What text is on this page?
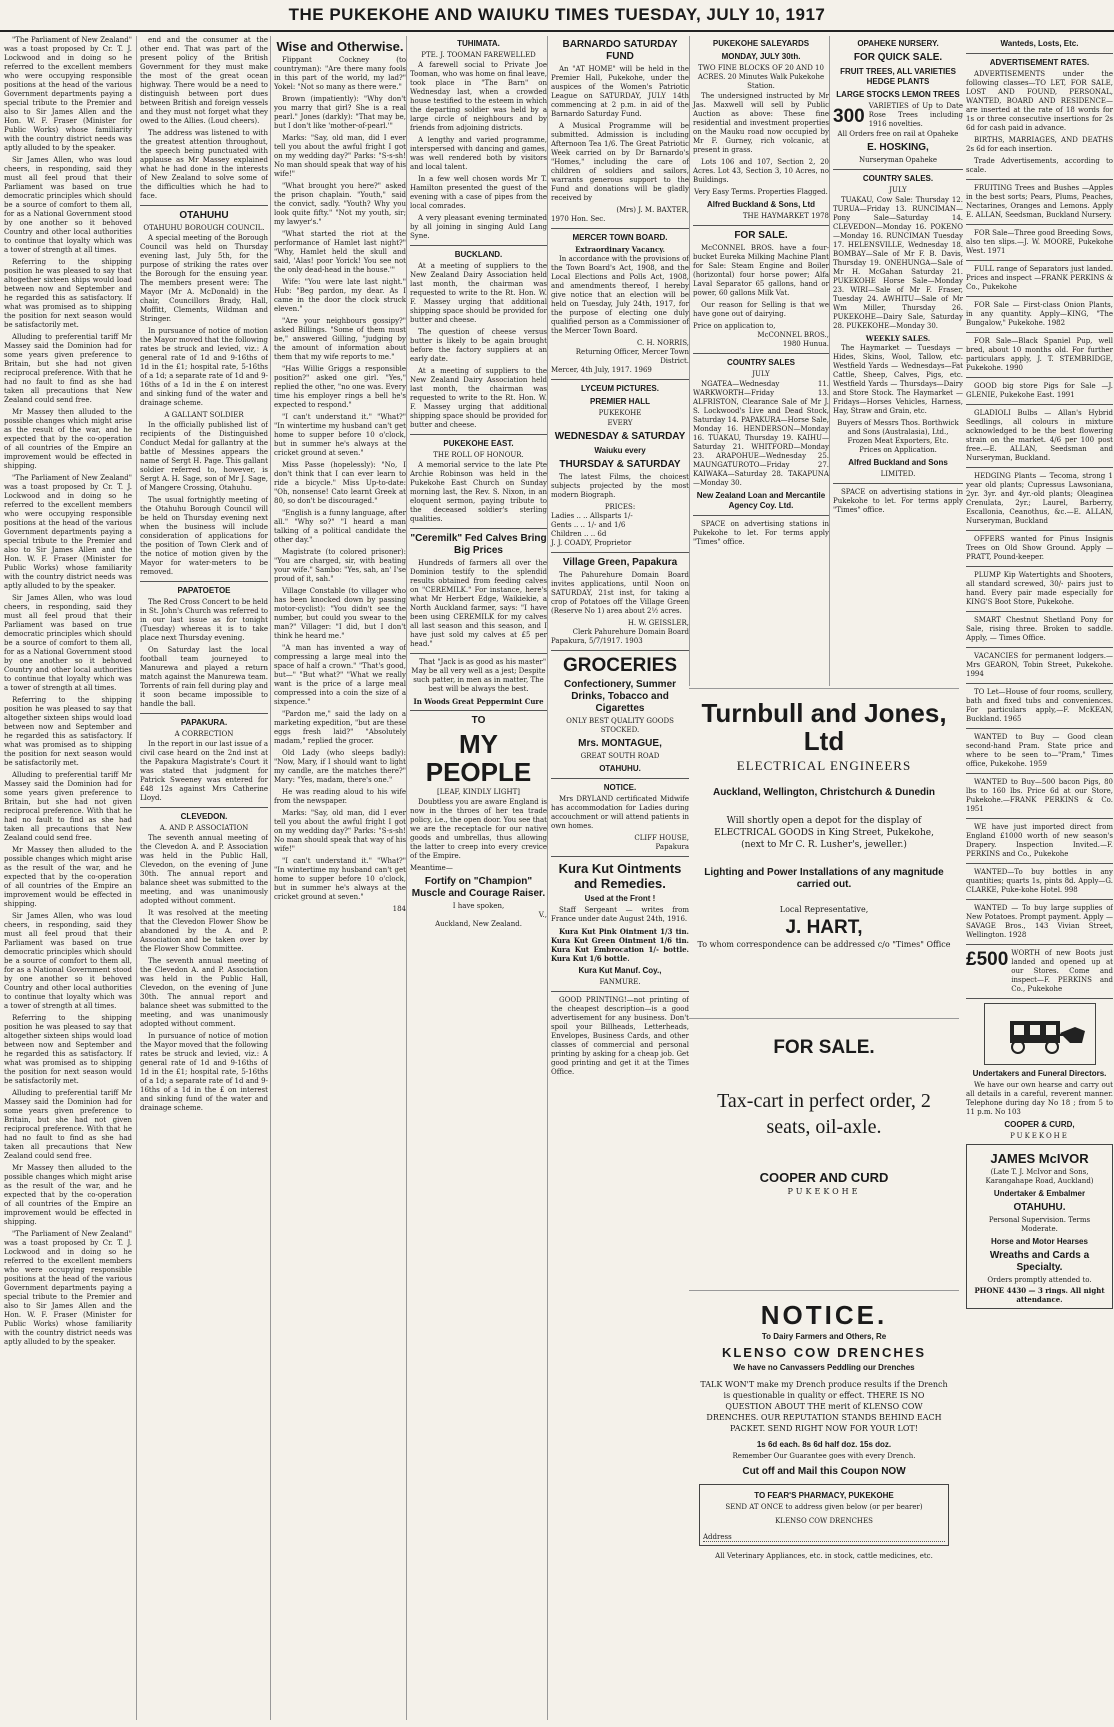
THE PUKEKOHE AND WAIUKU TIMES TUESDAY, JULY 10, 1917

"The Parliament of New Zealand" was a toast proposed by Cr. T. J. Lockwood and in doing so he referred to the excellent members who were occupying responsible positions at the head of the various Government departments paying a special tribute to the Premier and also to Sir James Allen and the Hon. W. F. Fraser (Minister for Public Works) whose familiarity with the country district needs was aptly alluded to by the speaker.

Sir James Allen, who was loud cheers, in responding, said they must all feel proud that their Parliament was based on true democratic principles which should be a source of comfort to them all, for as a National Government stood by one another so it behoved Country and other local authorities to continue that loyalty which was a tower of strength at all times.

Referring to the shipping position he was pleased to say that altogether sixteen ships would load between now and September and he regarded this as satisfactory. If what was promised as to shipping the position for next season would be satisfactorily met.

Alluding to preferential tariff Mr Massey said the Dominion had for some years given preference to Britain, but she had not given reciprocal preference. With that he had no fault to find as she had taken all precautions that New Zealand could send free.

Mr Massey then alluded to the possible changes which might arise as the result of the war, and he expected that by the co-operation of all countries of the Empire an improvement would be effected in shipping.

"The Parliament of New Zealand" was a toast proposed by Cr. T. J. Lockwood and in doing so he referred to the excellent members who were occupying responsible positions at the head of the various Government departments paying a special tribute to the Premier and also to Sir James Allen and the Hon. W. F. Fraser (Minister for Public Works) whose familiarity with the country district needs was aptly alluded to by the speaker.

Sir James Allen, who was loud cheers, in responding, said they must all feel proud that their Parliament was based on true democratic principles which should be a source of comfort to them all, for as a National Government stood by one another so it behoved Country and other local authorities to continue that loyalty which was a tower of strength at all times.

Referring to the shipping position he was pleased to say that altogether sixteen ships would load between now and September and he regarded this as satisfactory. If what was promised as to shipping the position for next season would be satisfactorily met.

Alluding to preferential tariff Mr Massey said the Dominion had for some years given preference to Britain, but she had not given reciprocal preference. With that he had no fault to find as she had taken all precautions that New Zealand could send free.

Mr Massey then alluded to the possible changes which might arise as the result of the war, and he expected that by the co-operation of all countries of the Empire an improvement would be effected in shipping.

Sir James Allen, who was loud cheers, in responding, said they must all feel proud that their Parliament was based on true democratic principles which should be a source of comfort to them all, for as a National Government stood by one another so it behoved Country and other local authorities to continue that loyalty which was a tower of strength at all times.

Referring to the shipping position he was pleased to say that altogether sixteen ships would load between now and September and he regarded this as satisfactory. If what was promised as to shipping the position for next season would be satisfactorily met.

Alluding to preferential tariff Mr Massey said the Dominion had for some years given preference to Britain, but she had not given reciprocal preference. With that he had no fault to find as she had taken all precautions that New Zealand could send free.

Mr Massey then alluded to the possible changes which might arise as the result of the war, and he expected that by the co-operation of all countries of the Empire an improvement would be effected in shipping.

"The Parliament of New Zealand" was a toast proposed by Cr. T. J. Lockwood and in doing so he referred to the excellent members who were occupying responsible positions at the head of the various Government departments paying a special tribute to the Premier and also to Sir James Allen and the Hon. W. F. Fraser (Minister for Public Works) whose familiarity with the country district needs was aptly alluded to by the speaker.

end and the consumer at the other end. That was part of the present policy of the British Government for they must make the most of the great ocean highway. There would be a need to distinguish between port dues between British and foreign vessels and they must not forget what they owed to the Allies. (Loud cheers).

The address was listened to with the greatest attention throughout, the speech being punctuated with applause as Mr Massey explained what he had done in the interests of New Zealand to solve some of the difficulties which he had to face.

OTAHUHU
OTAHUHU BOROUGH COUNCIL.

A special meeting of the Borough Council was held on Thursday evening last, July 5th, for the purpose of striking the rates over the Borough for the ensuing year. The members present were: The Mayor (Mr A. McDonald) in the chair, Councillors Brady, Hall, Moffitt, Clements, Wildman and Stringer.

In pursuance of notice of motion the Mayor moved that the following rates be struck and levied, viz.: A general rate of 1d and 9-16ths of 1d in the £1; hospital rate, 5-16ths of a 1d; a separate rate of 1d and 9-16ths of a 1d in the £ on interest and sinking fund of the water and drainage scheme.

A GALLANT SOLDIER

In the officially published list of recipients of the Distinguished Conduct Medal for gallantry at the battle of Messines appears the name of Sergt H. Page. This gallant soldier referred to, however, is Sergt A. H. Sage, son of Mr J. Sage, of Mangere Crossing, Otahuhu.

The usual fortnightly meeting of the Otahuhu Borough Council will be held on Thursday evening next when the business will include consideration of applications for the position of Town Clerk and of the notice of motion given by the Mayor for water-meters to be removed.

PAPATOETOE

The Red Cross Concert to be held in St. John's Church was referred to in our last issue as for tonight (Tuesday) whereas it is to take place next Thursday evening.

On Saturday last the local football team journeyed to Manurewa and played a return match against the Manurewa team. Torrents of rain fell during play and it soon became impossible to handle the ball.

PAPAKURA.
A CORRECTION

In the report in our last issue of a civil case heard on the 2nd inst at the Papakura Magistrate's Court it was stated that judgment for Patrick Sweeney was entered for £48 12s against Mrs Catherine Lloyd.

CLEVEDON.
A. AND P. ASSOCIATION

The seventh annual meeting of the Clevedon A. and P. Association was held in the Public Hall, Clevedon, on the evening of June 30th. The annual report and balance sheet was submitted to the meeting, and was unanimously adopted without comment.

It was resolved at the meeting that the Clevedon Flower Show be abandoned by the A. and P. Association and be taken over by the Flower Show Committee.

The seventh annual meeting of the Clevedon A. and P. Association was held in the Public Hall, Clevedon, on the evening of June 30th. The annual report and balance sheet was submitted to the meeting, and was unanimously adopted without comment.

In pursuance of notice of motion the Mayor moved that the following rates be struck and levied, viz.: A general rate of 1d and 9-16ths of 1d in the £1; hospital rate, 5-16ths of a 1d; a separate rate of 1d and 9-16ths of a 1d in the £ on interest and sinking fund of the water and drainage scheme.

Wise and Otherwise.

Flippant Cockney (to countryman): "Are there many fools in this part of the world, my lad?" Yokel: "Not so many as there were."

Brown (impatiently): "Why don't you marry that girl? She is a real pearl." Jones (darkly): "That may be, but I don't like 'mother-of-pearl.'"

Marks: "Say, old man, did I ever tell you about the awful fright I got on my wedding day?" Parks: "S-s-sh! No man should speak that way of his wife!"

"What brought you here?" asked the prison chaplain. "Youth," said the convict, sadly. "Youth? Why you look quite fifty." "Not my youth, sir; my lawyer's."

"What started the riot at the performance of Hamlet last night?" "Why, Hamlet held the skull and said, 'Alas! poor Yorick! You see not the only dead-head in the house.'"

Wife: "You were late last night." Hub: "Beg pardon, my dear. As I came in the door the clock struck eleven."

"Are your neighbours gossipy?" asked Billings. "Some of them must be," answered Gilling, "judging by the amount of information about them that my wife reports to me."

"Has Willie Griggs a responsible position?" asked one girl. "Yes," replied the other, "no one was. Every time his employer rings a bell he's expected to respond."

"I can't understand it." "What?" "In wintertime my husband can't get home to supper before 10 o'clock, but in summer he's always at the cricket ground at seven."

Miss Passe (hopelessly): "No, I don't think that I can ever learn to ride a bicycle." Miss Up-to-date: "Oh, nonsense! Cato learnt Greek at 80, so don't be discouraged."

"English is a funny language, after all." "Why so?" "I heard a man talking of a political candidate the other day."

Magistrate (to colored prisoner): "You are charged, sir, with beating your wife." Sambo: "Yes, sah, an' I'se proud of it, sah."

Village Constable (to villager who has been knocked down by passing motor-cyclist): "You didn't see the number, but could you swear to the man?" Villager: "I did, but I don't think he heard me."

"A man has invented a way of compressing a large meal into the space of half a crown." "That's good, but—" "But what?" "What we really want is the price of a large meal compressed into a coin the size of a sixpence."

"Pardon me," said the lady on a marketing expedition, "but are these eggs fresh laid?" "Absolutely madam," replied the grocer.

Old Lady (who sleeps badly): "Now, Mary, if I should want to light my candle, are the matches there?" Mary: "Yes, madam, there's one."

He was reading aloud to his wife from the newspaper.

Marks: "Say, old man, did I ever tell you about the awful fright I got on my wedding day?" Parks: "S-s-sh! No man should speak that way of his wife!"

"I can't understand it." "What?" "In wintertime my husband can't get home to supper before 10 o'clock, but in summer he's always at the cricket ground at seven."

184
TUHIMATA.
PTE. J. TOOMAN FAREWELLED

A farewell social to Private Joe Tooman, who was home on final leave, took place in "The Barn" on Wednesday last, when a crowded house testified to the esteem in which the departing soldier was held by a large circle of neighbours and by friends from adjoining districts.

A lengthy and varied programme, interspersed with dancing and games, was well rendered both by visitors and local talent.

In a few well chosen words Mr T. Hamilton presented the guest of the evening with a case of pipes from the local comrades.

A very pleasant evening terminated by all joining in singing Auld Lang Syne.

BUCKLAND.

At a meeting of suppliers to the New Zealand Dairy Association held last month, the chairman was requested to write to the Rt. Hon. W. F. Massey urging that additional shipping space should be provided for butter and cheese.

The question of cheese versus butter is likely to be again brought before the factory suppliers at an early date.

At a meeting of suppliers to the New Zealand Dairy Association held last month, the chairman was requested to write to the Rt. Hon. W. F. Massey urging that additional shipping space should be provided for butter and cheese.

PUKEKOHE EAST.
THE ROLL OF HONOUR.

A memorial service to the late Pte Archie Robinson was held in the Pukekohe East Church on Sunday morning last, the Rev. S. Nixon, in an eloquent sermon, paying tribute to the deceased soldier's sterling qualities.

"Ceremilk" Fed Calves Bring Big Prices

Hundreds of farmers all over the Dominion testify to the splendid results obtained from feeding calves on "CEREMILK." For instance, here's what Mr Herbert Edge, Waikiekie, a North Auckland farmer, says: "I have been using CEREMILK for my calves all last season and this season, and I have just sold my calves at £5 per head."

That "Jack is as good as his master" May be all very well as a jest; Despite such patter, in men as in matter, The best will be always the best.

In Woods Great Peppermint Cure
TO
MY PEOPLE
[LEAF, KINDLY LIGHT]

Doubtless you are aware England is now in the throes of her tea trade policy, i.e., the open door. You see that we are the receptacle for our native goods and umbrellas, thus allowing the latter to creep into every crevice of the Empire.

Meantime—
Fortify on "Champion" Muscle and Courage Raiser.
I have spoken,
V.,
Auckland, New Zealand.
BARNARDO SATURDAY FUND

An "AT HOME" will be held in the Premier Hall, Pukekohe, under the auspices of the Women's Patriotic League on SATURDAY, JULY 14th commencing at 2 p.m. in aid of the Barnardo Saturday Fund.

A Musical Programme will be submitted. Admission is including Afternoon Tea 1/6. The Great Patriotic Week carried on by Dr Barnardo's "Homes," including the care of children of soldiers and sailors, warrants generous support to the Fund and donations will be gladly received by

(Mrs) J. M. BAXTER,
1970 Hon. Sec.
MERCER TOWN BOARD.
Extraordinary Vacancy.

In accordance with the provisions of the Town Board's Act, 1908, and the Local Elections and Polls Act, 1908, and amendments thereof, I hereby give notice that an election will be held on Tuesday, July 24th, 1917, for the purpose of electing one duly qualified person as a Commissioner of the Mercer Town Board.

C. H. NORRIS,
Returning Officer, Mercer Town District.
Mercer, 4th July, 1917. 1969
LYCEUM PICTURES.
PREMIER HALL
PUKEKOHE
EVERY
WEDNESDAY & SATURDAY
Waiuku every
THURSDAY & SATURDAY

The latest Films, the choicest subjects projected by the most modern Biograph.

PRICES:
Ladies .. .. Allsparts 1/-
Gents .. .. 1/- and 1/6
Children .. .. 6d
J. J. COADY, Proprietor
Village Green, Papakura

The Pahurehure Domain Board invites applications, until Noon on SATURDAY, 21st inst, for taking a crop of Potatoes off the Village Green (Reserve No 1) area about 2½ acres.

H. W. GEISSLER,
Clerk Pahurehure Domain Board
Papakura, 5/7/1917. 1903
GROCERIES
Confectionery, Summer Drinks, Tobacco and Cigarettes
ONLY BEST QUALITY GOODS STOCKED.
Mrs. MONTAGUE,
GREAT SOUTH ROAD
OTAHUHU.
NOTICE.

Mrs DRYLAND certificated Midwife has accommodation for Ladies during accouchment or will attend patients in own homes.

CLIFF HOUSE,
Papakura
Kura Kut Ointments and Remedies.
Used at the Front !

Staff Sergeant — writes from France under date August 24th, 1916.

Kura Kut Pink Ointment 1/3 tin. Kura Kut Green Ointment 1/6 tin. Kura Kut Embrocation 1/- bottle. Kura Kut 1/6 bottle.

Kura Kut Manuf. Coy.,
FANMURE.

GOOD PRINTING!—not printing of the cheapest description—is a good advertisement for any business. Don't spoil your Billheads, Letterheads, Envelopes, Business Cards, and other classes of commercial and personal printing by asking for a cheap job. Get good printing and get it at the Times Office.

PUKEKOHE SALEYARDS
MONDAY, JULY 30th.
TWO FINE BLOCKS OF 20 AND 10 ACRES. 20 Minutes Walk Pukekohe Station.

The undersigned instructed by Mr Jas. Maxwell will sell by Public Auction as above: These fine residential and investment properties on the Mauku road now occupied by Mr F. Gurney, rich volcanic, at present in grass.

Lots 106 and 107, Section 2, 20 Acres. Lot 43, Section 3, 10 Acres, no Buildings.

Very Easy Terms. Properties Flagged.
Alfred Buckland & Sons, Ltd
THE HAYMARKET 1978
FOR SALE.

McCONNEL BROS. have a four-bucket Eureka Milking Machine Plant for Sale: Steam Engine and Boiler (horizontal) four horse power; Alfa Laval Separator 65 gallons, hand or power, 60 gallons Milk Vat.

Our reason for Selling is that we have gone out of dairying.

Price on application to,
McCONNEL BROS.,
1980 Hunua.
COUNTRY SALES
JULY

NGATEA—Wednesday 11. WARKWORTH—Friday 13. ALFRISTON, Clearance Sale of Mr J. S. Lockwood's Live and Dead Stock, Saturday 14. PAPAKURA—Horse Sale, Monday 16. HENDERSON—Monday 16. TUAKAU, Thursday 19. KAIHU—Saturday 21. WHITFORD—Monday 23. ARAPOHUE—Wednesday 25. MAUNGATUROTO—Friday 27. KAIWAKA—Saturday 28. TAKAPUNA—Monday 30.

New Zealand Loan and Mercantile Agency Coy. Ltd.

SPACE on advertising stations in Pukekohe to let. For terms apply "Times" office.

OPAHEKE NURSERY.
FOR QUICK SALE.
FRUIT TREES, ALL VARIETIES HEDGE PLANTS
LARGE STOCKS LEMON TREES
300 VARIETIES of Up to Date Rose Trees including 1916 novelties.
All Orders free on rail at Opaheke
E. HOSKING,
Nurseryman Opaheke
COUNTRY SALES.
JULY

TUAKAU, Cow Sale: Thursday 12. TURUA—Friday 13. RUNCIMAN—Pony Sale—Saturday 14. CLEVEDON—Monday 16. POKENO—Monday 16. RUNCIMAN Tuesday 17. HELENSVILLE, Wednesday 18. BOMBAY—Sale of Mr F. B. Davis, Thursday 19. ONEHUNGA—Sale of Mr H. McGahan Saturday 21. PUKEKOHE Horse Sale—Monday 23. WIRI—Sale of Mr F. Fraser, Tuesday 24. AWHITU—Sale of Mr Wm Miller, Thursday 26. PUKEKOHE—Dairy Sale, Saturday 28. PUKEKOHE—Monday 30.

WEEKLY SALES.

The Haymarket — Tuesdays — Hides, Skins, Wool, Tallow, etc. Westfield Yards — Wednesdays—Fat Cattle, Sheep, Calves, Pigs, etc. Westfield Yards — Thursdays—Dairy and Store Stock. The Haymarket — Fridays—Horses Vehicles, Harness, Hay, Straw and Grain, etc.

Buyers of Messrs Thos. Borthwick and Sons (Australasia), Ltd.,
Frozen Meat Exporters, Etc.
Prices on Application.
Alfred Buckland and Sons
LIMITED.

SPACE on advertising stations in Pukekohe to let. For terms apply "Times" office.

Turnbull and Jones, Ltd
ELECTRICAL ENGINEERS
Auckland, Wellington, Christchurch & Dunedin

Will shortly open a depot for the display of ELECTRICAL GOODS in King Street, Pukekohe, (next to Mr C. R. Lusher's, jeweller.)

Lighting and Power Installations of any magnitude carried out.
Local Representative,
J. HART,
To whom correspondence can be addressed c/o "Times" Office
FOR SALE.
Tax-cart in perfect order, 2 seats, oil-axle.
COOPER AND CURD
PUKEKOHE
NOTICE.
To Dairy Farmers and Others, Re
KLENSO COW DRENCHES
We have no Canvassers Peddling our Drenches

TALK WON'T make my Drench produce results if the Drench is questionable in quality or effect. THERE IS NO QUESTION ABOUT THE merit of KLENSO COW DRENCHES. OUR REPUTATION STANDS BEHIND EACH PACKET. SEND RIGHT NOW FOR YOUR LOT!

1s 6d each. 8s 6d half doz. 15s doz.
Remember Our Guarantee goes with every Drench.
Cut off and Mail this Coupon NOW
TO FEAR'S PHARMACY, PUKEKOHE
SEND AT ONCE to address given below (or per bearer)
KLENSO COW DRENCHES
Address
All Veterinary Appliances, etc. in stock, cattle medicines, etc.
Wanteds, Losts, Etc.
ADVERTISEMENT RATES.

ADVERTISEMENTS under the following classes—TO LET, FOR SALE, LOST AND FOUND, PERSONAL, WANTED, BOARD AND RESIDENCE—are inserted at the rate of 18 words for 1s or three consecutive insertions for 2s 6d for cash paid in advance.

BIRTHS, MARRIAGES, AND DEATHS 2s 6d for each insertion.

Trade Advertisements, according to scale.

FRUITING Trees and Bushes —Apples in the best sorts; Pears, Plums, Peaches, Nectarines, Oranges and Lemons. Apply E. ALLAN, Seedsman, Buckland Nursery.

FOR Sale—Three good Breeding Sows, also ten slips.—J. W. MOORE, Pukekohe West. 1971

FULL range of Separators just landed. Prices and inspect —FRANK PERKINS & Co., Pukekohe

FOR Sale — First-class Onion Plants, in any quantity. Apply—KING, "The Bungalow," Pukekohe. 1982

FOR Sale—Black Spaniel Pup, well bred, about 10 months old. For further particulars apply, J. T. STEMBRIDGE, Pukekohe. 1990

GOOD big store Pigs for Sale —J. GLENIE, Pukekohe East. 1991

GLADIOLI Bulbs — Allan's Hybrid Seedlings, all colours in mixture acknowledged to be the best flowering strain on the market. 4/6 per 100 post free.—E. ALLAN, Seedsman and Nurseryman, Buckland.

HEDGING Plants — Tecoma, strong 1 year old plants; Cupressus Lawsoniana, 2yr. 3yr. and 4yr.-old plants; Oleaginea Crenulata, 2yr.; Laurel, Barberry, Escallonia, Ceanothus, &c.—E. ALLAN, Nurseryman, Buckland

OFFERS wanted for Pinus Insignis Trees on Old Show Ground. Apply — PRATT, Pound-keeper.

PLUMP Kip Watertights and Shooters, all standard screwed, 30/- pairs just to hand. Every pair made especially for KING'S Boot Store, Pukekohe.

SMART Chestnut Shetland Pony for Sale, rising three. Broken to saddle. Apply, — Times Office.

VACANCIES for permanent lodgers.—Mrs GEARON, Tobin Street, Pukekohe. 1994

TO Let—House of four rooms, scullery, bath and fixed tubs and conveniences. For particulars apply,—F. McKEAN, Buckland. 1965

WANTED to Buy — Good clean second-hand Pram. State price and where to be seen to—"Pram," Times office, Pukekohe. 1959

WANTED to Buy—500 bacon Pigs, 80 lbs to 160 lbs. Price 6d at our Store, Pukekohe.—FRANK PERKINS & Co. 1951

WE have just imported direct from England £1000 worth of new season's Drapery. Inspection Invited.—F. PERKINS and Co., Pukekohe

WANTED—To buy bottles in any quantities; quarts 1s, pints 8d. Apply—G. CLARKE, Puke-kohe Hotel. 998

WANTED — To buy large supplies of New Potatoes. Prompt payment. Apply — SAVAGE Bros., 143 Vivian Street, Wellington. 1928

£500 WORTH of new Boots just landed and opened up at our Stores. Come and inspect—F. PERKINS and Co., Pukekohe
Undertakers and Funeral Directors.

We have our own hearse and carry out all details in a careful, reverent manner. Telephone during day No 18 ; from 5 to 11 p.m. No 103

COOPER & CURD,
PUKEKOHE
JAMES McIVOR
(Late T. J. McIvor and Sons, Karangahape Road, Auckland)
Undertaker & Embalmer
OTAHUHU.
Personal Supervision. Terms Moderate.
Horse and Motor Hearses
Wreaths and Cards a Specialty.
Orders promptly attended to.
PHONE 4430 — 3 rings. All night attendance.
